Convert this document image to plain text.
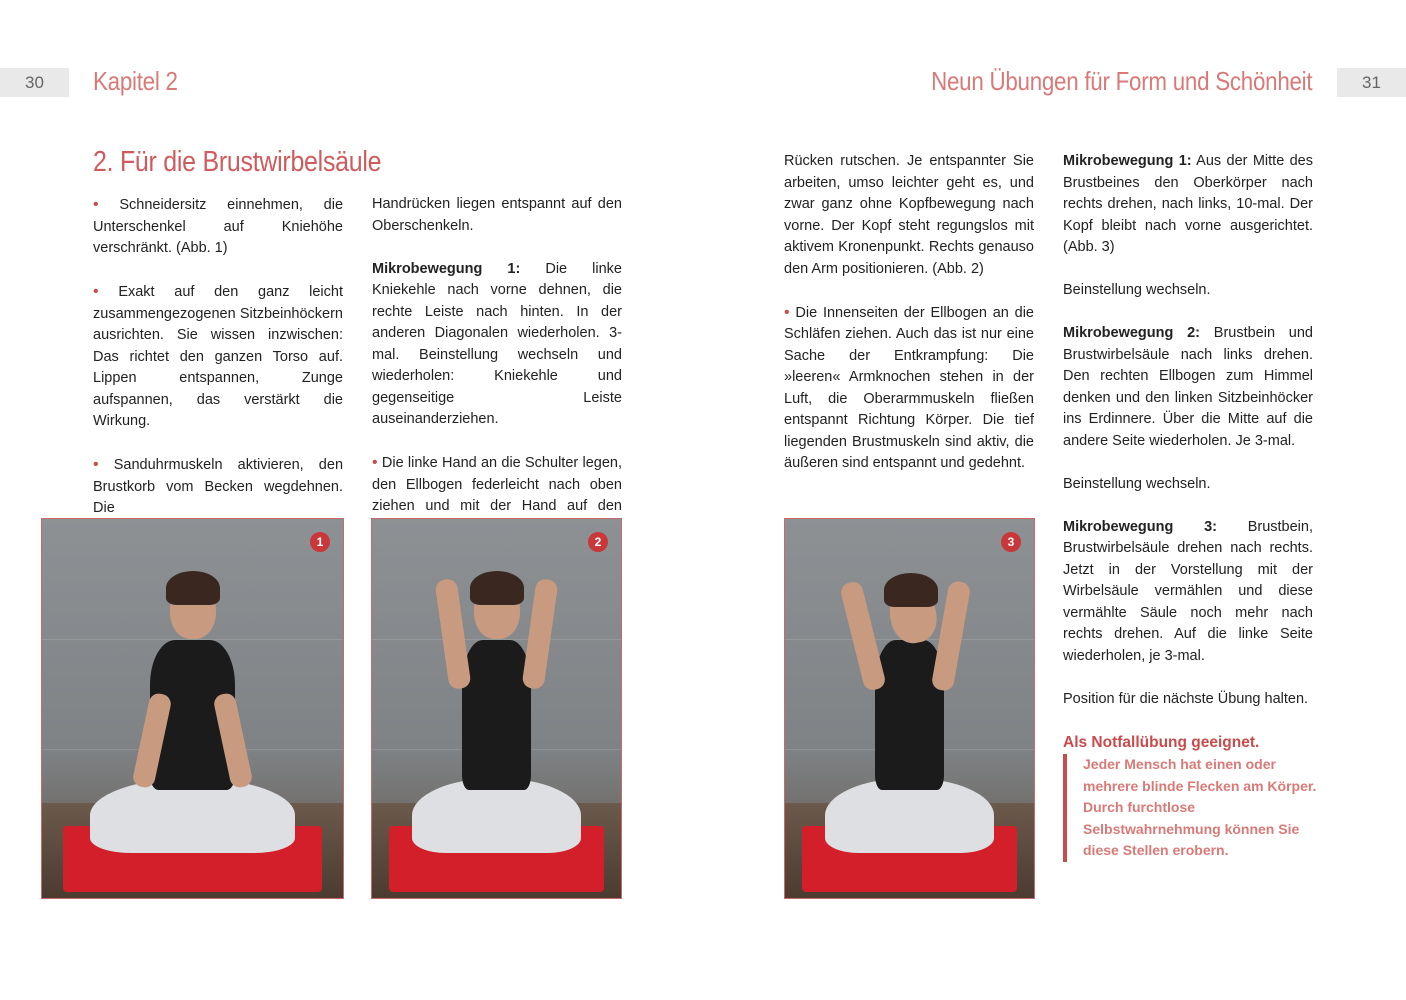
30	Kapitel 2	Neun Übungen für Form und Schönheit	31
2. Für die Brustwirbelsäule

• Schneidersitz einnehmen, die Unterschenkel auf Kniehöhe verschränkt. (Abb. 1)

• Exakt auf den ganz leicht zusammengezogenen Sitzbeinhöckern ausrichten. Sie wissen inzwischen: Das richtet den ganzen Torso auf. Lippen entspannen, Zunge aufspannen, das verstärkt die Wirkung.

• Sanduhrmuskeln aktivieren, den Brustkorb vom Becken wegdehnen. Die

Handrücken liegen entspannt auf den Oberschenkeln.

Mikrobewegung 1: Die linke Kniekehle nach vorne dehnen, die rechte Leiste nach hinten. In der anderen Diagonalen wiederholen. 3-mal. Beinstellung wechseln und wiederholen: Kniekehle und gegenseitige Leiste auseinanderziehen.

• Die linke Hand an die Schulter legen, den Ellbogen federleicht nach oben ziehen und mit der Hand auf den

Rücken rutschen. Je entspannter Sie arbeiten, umso leichter geht es, und zwar ganz ohne Kopfbewegung nach vorne. Der Kopf steht regungslos mit aktivem Kronenpunkt. Rechts genauso den Arm positionieren. (Abb. 2)

• Die Innenseiten der Ellbogen an die Schläfen ziehen. Auch das ist nur eine Sache der Entkrampfung: Die »leeren« Armknochen stehen in der Luft, die Oberarmmuskeln fließen entspannt Richtung Körper. Die tief liegenden Brustmuskeln sind aktiv, die äußeren sind entspannt und gedehnt.

Mikrobewegung 1: Aus der Mitte des Brustbeines den Oberkörper nach rechts drehen, nach links, 10-mal. Der Kopf bleibt nach vorne ausgerichtet. (Abb. 3)

Beinstellung wechseln.

Mikrobewegung 2: Brustbein und Brustwirbelsäule nach links drehen. Den rechten Ellbogen zum Himmel denken und den linken Sitzbeinhöcker ins Erdinnere. Über die Mitte auf die andere Seite wiederholen. Je 3-mal.

Beinstellung wechseln.

Mikrobewegung 3: Brustbein, Brustwirbelsäule drehen nach rechts. Jetzt in der Vorstellung mit der Wirbelsäule vermählen und diese vermählte Säule noch mehr nach rechts drehen. Auf die linke Seite wiederholen, je 3-mal.

Position für die nächste Übung halten.

Als Notfallübung geeignet.

Jeder Mensch hat einen oder mehrere blinde Flecken am Körper. Durch furchtlose Selbstwahrnehmung können Sie diese Stellen erobern.
1	2	3
